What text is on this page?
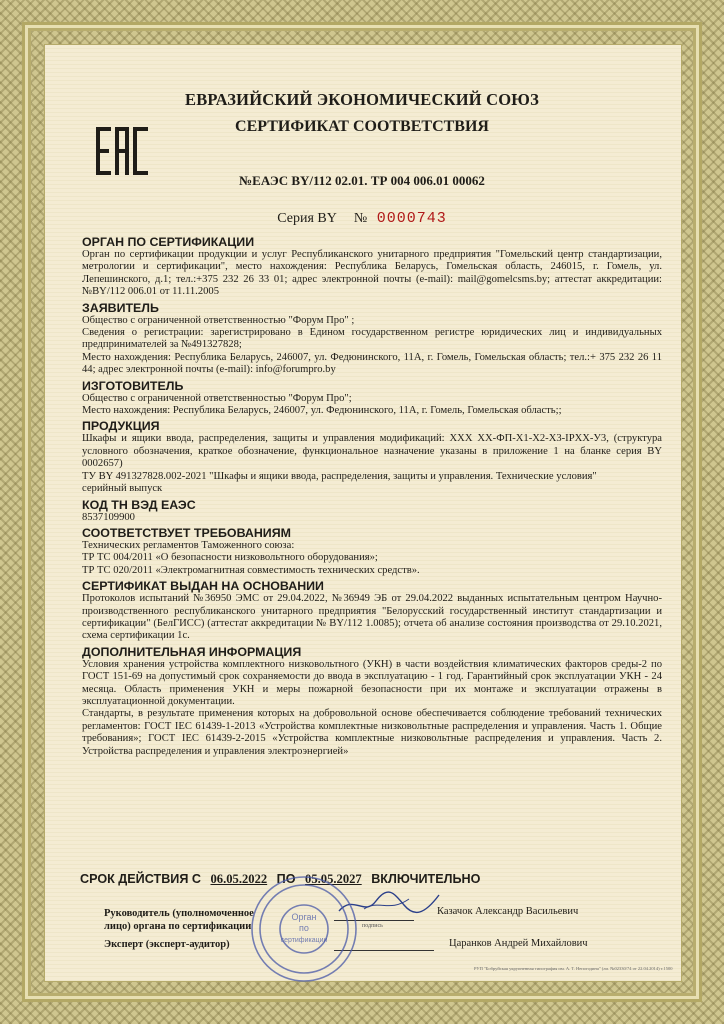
ЕВРАЗИЙСКИЙ ЭКОНОМИЧЕСКИЙ СОЮЗ
СЕРТИФИКАТ СООТВЕТСТВИЯ
№ЕАЭС BY/112 02.01. ТР 004 006.01 00062
Серия BY № 0000743
ОРГАН ПО СЕРТИФИКАЦИИ

Орган по сертификации продукции и услуг Республиканского унитарного предприятия "Гомельский центр стандартизации, метрологии и сертификации", место нахождения: Республика Беларусь, Гомельская область, 246015, г. Гомель, ул. Лепешинского, д.1; тел.:+375 232 26 33 01; адрес электронной почты (e-mail): mail@gomelcsms.by; аттестат аккредитации: №BY/112 006.01 от 11.11.2005

ЗАЯВИТЕЛЬ

Общество с ограниченной ответственностью "Форум Про" ;

Сведения о регистрации: зарегистрировано в Едином государственном регистре юридических лиц и индивидуальных предпринимателей за №491327828;

Место нахождения: Республика Беларусь, 246007, ул. Федюнинского, 11А, г. Гомель, Гомельская область; тел.:+ 375 232 26 11 44; адрес электронной почты (e-mail): info@forumpro.by

ИЗГОТОВИТЕЛЬ

Общество с ограниченной ответственностью "Форум Про";

Место нахождения: Республика Беларусь, 246007, ул. Федюнинского, 11А, г. Гомель, Гомельская область;;

ПРОДУКЦИЯ

Шкафы и ящики ввода, распределения, защиты и управления модификаций: XXX XX-ФП-X1-X2-X3-IPXX-У3, (структура условного обозначения, краткое обозначение, функциональное назначение указаны в приложение 1 на бланке серия BY 0002657)

ТУ BY 491327828.002-2021 "Шкафы и ящики ввода, распределения, защиты и управления. Технические условия"

серийный выпуск

КОД ТН ВЭД ЕАЭС

8537109900

СООТВЕТСТВУЕТ ТРЕБОВАНИЯМ

Технических регламентов Таможенного союза:

ТР ТС 004/2011 «О безопасности низковольтного оборудования»;

ТР ТС 020/2011 «Электромагнитная совместимость технических средств».

СЕРТИФИКАТ ВЫДАН НА ОСНОВАНИИ

Протоколов испытаний №36950 ЭМС от 29.04.2022, №36949 ЭБ от 29.04.2022 выданных испытательным центром Научно-производственного республиканского унитарного предприятия "Белорусский государственный институт стандартизации и сертификации" (БелГИСС) (аттестат аккредитации № BY/112 1.0085); отчета об анализе состояния производства от 29.10.2021, схема сертификации 1с.

ДОПОЛНИТЕЛЬНАЯ ИНФОРМАЦИЯ

Условия хранения устройства комплектного низковольтного (УКН) в части воздействия климатических факторов среды-2 по ГОСТ 151-69 на допустимый срок сохраняемости до ввода в эксплуатацию - 1 год. Гарантийный срок эксплуатации УКН - 24 месяца. Область применения УКН и меры пожарной безопасности при их монтаже и эксплуатации отражены в эксплуатационной документации.

Стандарты, в результате применения которых на добровольной основе обеспечивается соблюдение требований технических регламентов: ГОСТ IEC 61439-1-2013 «Устройства комплектные низковольтные распределения и управления. Часть 1. Общие требования»; ГОСТ IEC 61439-2-2015 «Устройства комплектные низковольтные распределения и управления. Часть 2. Устройства распределения и управления электроэнергией»

СРОК ДЕЙСТВИЯ С 06.05.2022 ПО 05.05.2027 ВКЛЮЧИТЕЛЬНО
Руководитель (уполномоченное
лицо) органа по сертификации	подпись
Казачок Александр Васильевич
Эксперт (эксперт-аудитор)	Царанков Андрей Михайлович
Орган
по
сертификации
РУП "Бобруйская укрупненная типография им. А. Т. Непогодина" (ли. №02330/74 от 22.04.2014) т.1500
